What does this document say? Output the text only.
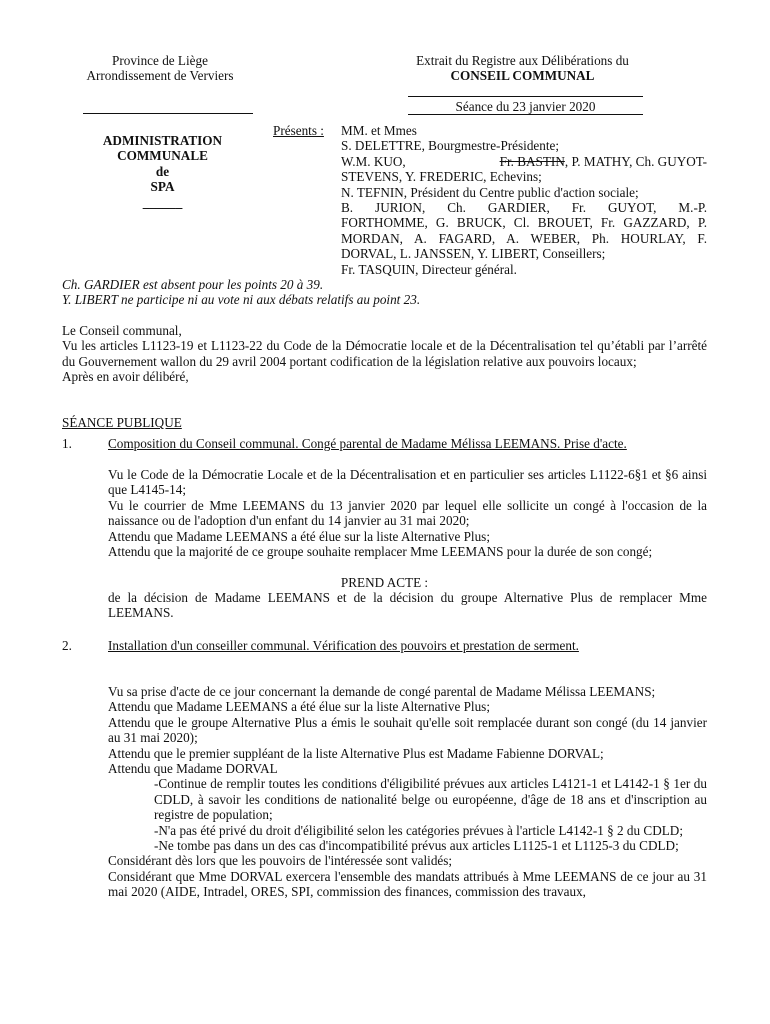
Province de Liège
Arrondissement de Verviers
Extrait du Registre aux Délibérations du
CONSEIL COMMUNAL
Séance du 23 janvier 2020
ADMINISTRATION
COMMUNALE
de
SPA
______
Présents : MM. et Mmes
S. DELETTRE, Bourgmestre-Présidente;
W.M. KUO,	Fr. BASTIN, P. MATHY, Ch. GUYOT-
STEVENS, Y. FREDERIC, Echevins;
N. TEFNIN, Président du Centre public d'action sociale;
B. JURION, Ch. GARDIER, Fr. GUYOT, M.-P.
FORTHOMME, G. BRUCK, Cl. BROUET, Fr. GAZZARD, P.
MORDAN, A. FAGARD, A. WEBER, Ph. HOURLAY, F.
DORVAL, L. JANSSEN, Y. LIBERT, Conseillers;
Fr. TASQUIN, Directeur général.
Ch. GARDIER est absent pour les points 20 à 39.
Y. LIBERT ne participe ni au vote ni aux débats relatifs au point 23.

Le Conseil communal,

Vu les articles L1123-19 et L1123-22 du Code de la Démocratie locale et de la Décentralisation tel qu’établi par l’arrêté du Gouvernement wallon du 29 avril 2004 portant codification de la législation relative aux pouvoirs locaux;

Après en avoir délibéré,

SÉANCE PUBLIQUE
1.	Composition du Conseil communal. Congé parental de Madame Mélissa LEEMANS. Prise d'acte.

Vu le Code de la Démocratie Locale et de la Décentralisation et en particulier ses articles L1122-6§1 et §6 ainsi que L4145-14;

Vu le courrier de Mme LEEMANS du 13 janvier 2020 par lequel elle sollicite un congé à l'occasion de la naissance ou de l'adoption d'un enfant du 14 janvier au 31 mai 2020;

Attendu que Madame LEEMANS a été élue sur la liste Alternative Plus;

Attendu que la majorité de ce groupe souhaite remplacer Mme LEEMANS pour la durée de son congé;

PREND ACTE :
de la décision de Madame LEEMANS et de la décision du groupe Alternative Plus de remplacer Mme LEEMANS.
2.	Installation d'un conseiller communal. Vérification des pouvoirs et prestation de serment.

Vu sa prise d'acte de ce jour concernant la demande de congé parental de Madame Mélissa LEEMANS;

Attendu que Madame LEEMANS a été élue sur la liste Alternative Plus;

Attendu que le groupe Alternative Plus a émis le souhait qu'elle soit remplacée durant son congé (du 14 janvier au 31 mai 2020);

Attendu que le premier suppléant de la liste Alternative Plus est Madame Fabienne DORVAL;

Attendu que Madame DORVAL

-Continue de remplir toutes les conditions d'éligibilité prévues aux articles L4121-1 et L4142-1 § 1er du CDLD, à savoir les conditions de nationalité belge ou européenne, d'âge de 18 ans et d'inscription au registre de population;

-N'a pas été privé du droit d'éligibilité selon les catégories prévues à l'article L4142-1 § 2 du CDLD;

-Ne tombe pas dans un des cas d'incompatibilité prévus aux articles L1125-1 et L1125-3 du CDLD;

Considérant dès lors que les pouvoirs de l'intéressée sont validés;

Considérant que Mme DORVAL exercera l'ensemble des mandats attribués à Mme LEEMANS de ce jour au 31 mai 2020 (AIDE, Intradel, ORES, SPI, commission des finances, commission des travaux,
